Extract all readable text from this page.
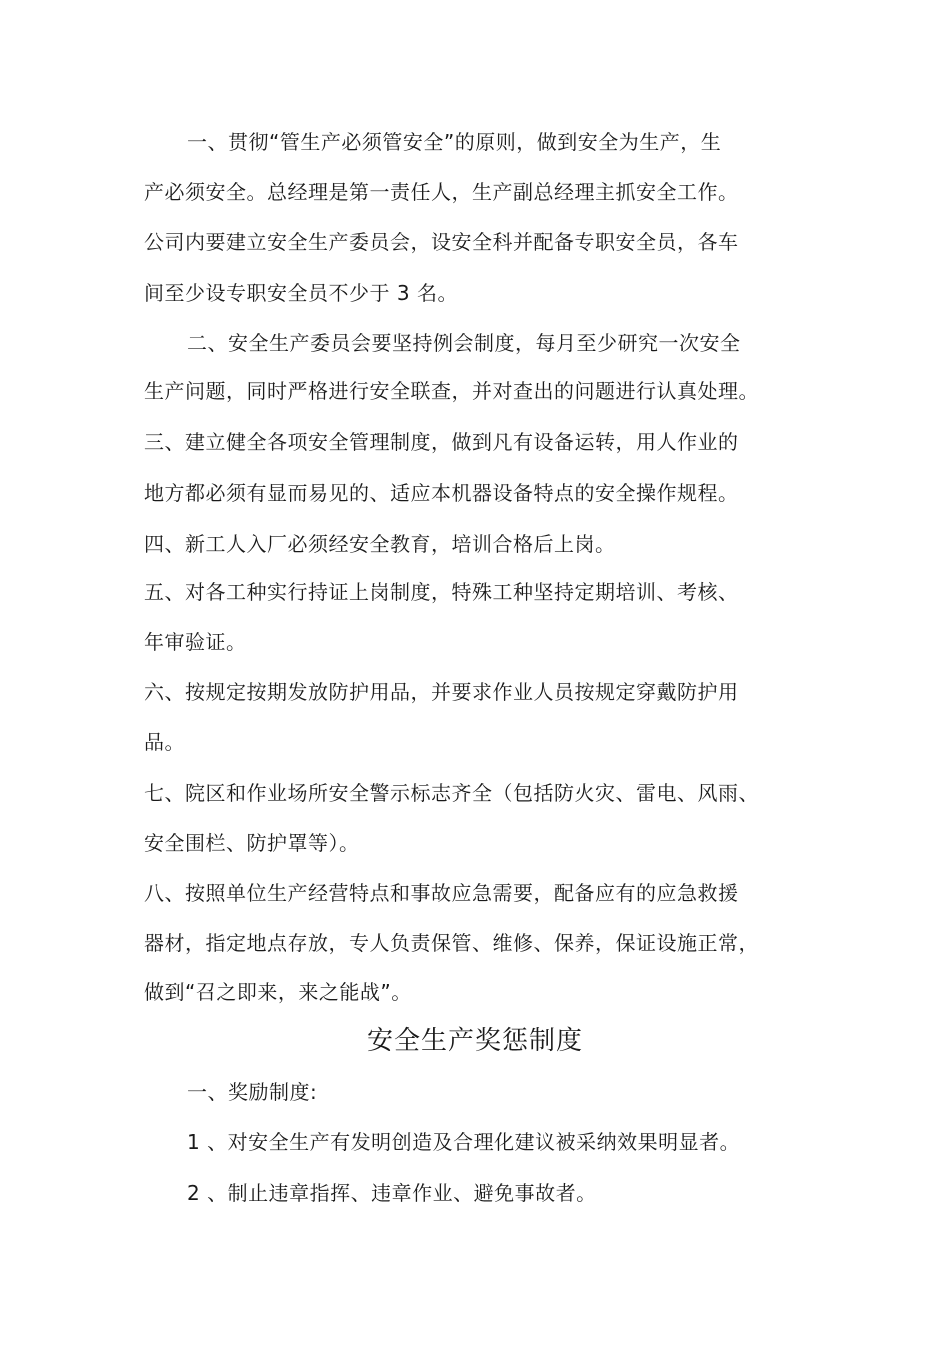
一、贯彻“管生产必须管安全”的原则，做到安全为生产，生
产必须安全。总经理是第一责任人，生产副总经理主抓安全工作。
公司内要建立安全生产委员会，设安全科并配备专职安全员，各车
间至少设专职安全员不少于 3 名。
二、安全生产委员会要坚持例会制度，每月至少研究一次安全
生产问题，同时严格进行安全联查，并对查出的问题进行认真处理。
三、建立健全各项安全管理制度，做到凡有设备运转，用人作业的
地方都必须有显而易见的、适应本机器设备特点的安全操作规程。
四、新工人入厂必须经安全教育，培训合格后上岗。
五、对各工种实行持证上岗制度，特殊工种坚持定期培训、考核、
年审验证。
六、按规定按期发放防护用品，并要求作业人员按规定穿戴防护用
品。
七、院区和作业场所安全警示标志齐全（包括防火灾、雷电、风雨、
安全围栏、防护罩等）。
八、按照单位生产经营特点和事故应急需要，配备应有的应急救援
器材，指定地点存放，专人负责保管、维修、保养，保证设施正常，
做到“召之即来，来之能战”。
安全生产奖惩制度
一、奖励制度:
1 、对安全生产有发明创造及合理化建议被采纳效果明显者。
2 、制止违章指挥、违章作业、避免事故者。
